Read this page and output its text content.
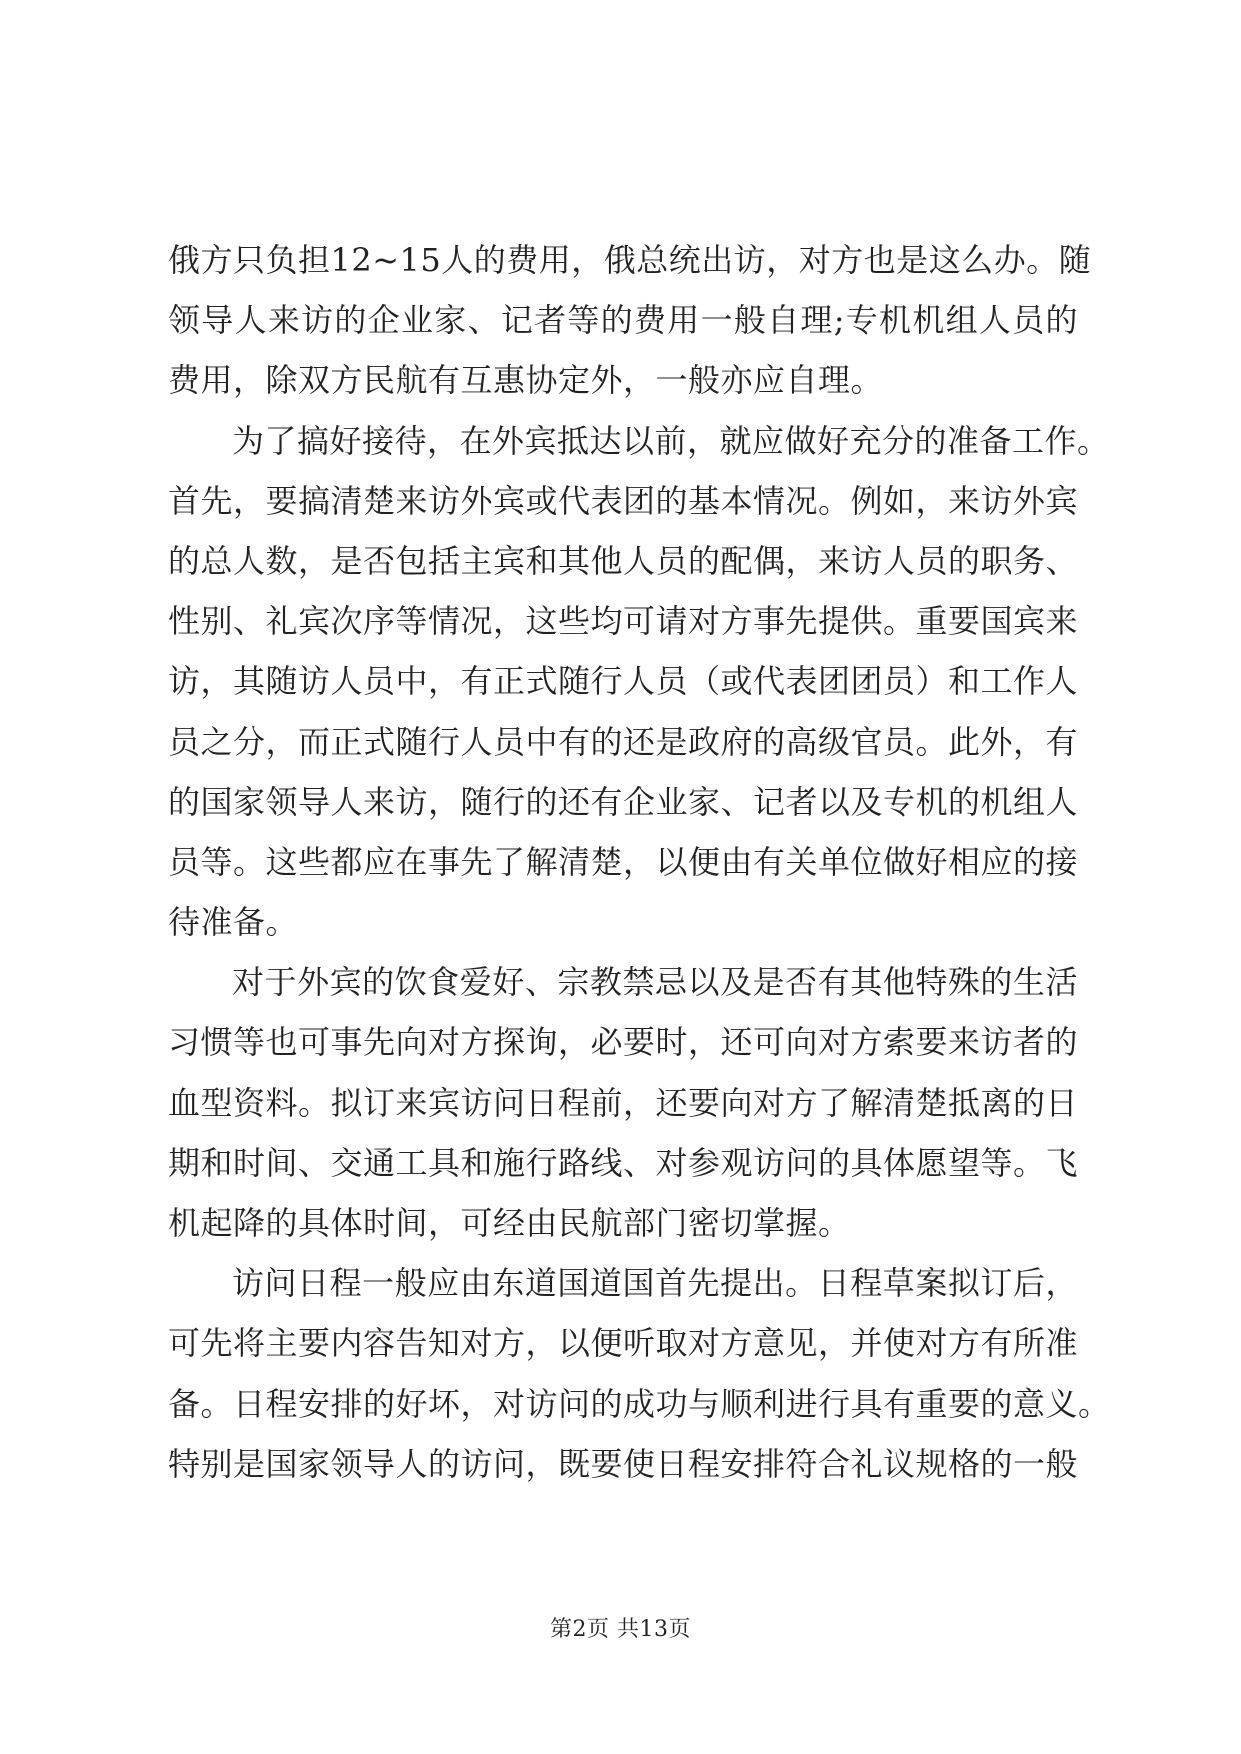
俄方只负担12~15人的费用，俄总统出访，对方也是这么办。随
领导人来访的企业家、记者等的费用一般自理;专机机组人员的
费用，除双方民航有互惠协定外，一般亦应自理。
为了搞好接待，在外宾抵达以前，就应做好充分的准备工作。
首先，要搞清楚来访外宾或代表团的基本情况。例如，来访外宾
的总人数，是否包括主宾和其他人员的配偶，来访人员的职务、
性别、礼宾次序等情况，这些均可请对方事先提供。重要国宾来
访，其随访人员中，有正式随行人员（或代表团团员）和工作人
员之分，而正式随行人员中有的还是政府的高级官员。此外，有
的国家领导人来访，随行的还有企业家、记者以及专机的机组人
员等。这些都应在事先了解清楚，以便由有关单位做好相应的接
待准备。
对于外宾的饮食爱好、宗教禁忌以及是否有其他特殊的生活
习惯等也可事先向对方探询，必要时，还可向对方索要来访者的
血型资料。拟订来宾访问日程前，还要向对方了解清楚抵离的日
期和时间、交通工具和施行路线、对参观访问的具体愿望等。飞
机起降的具体时间，可经由民航部门密切掌握。
访问日程一般应由东道国道国首先提出。日程草案拟订后，
可先将主要内容告知对方，以便听取对方意见，并使对方有所准
备。日程安排的好坏，对访问的成功与顺利进行具有重要的意义。
特别是国家领导人的访问，既要使日程安排符合礼议规格的一般
第2页 共13页
